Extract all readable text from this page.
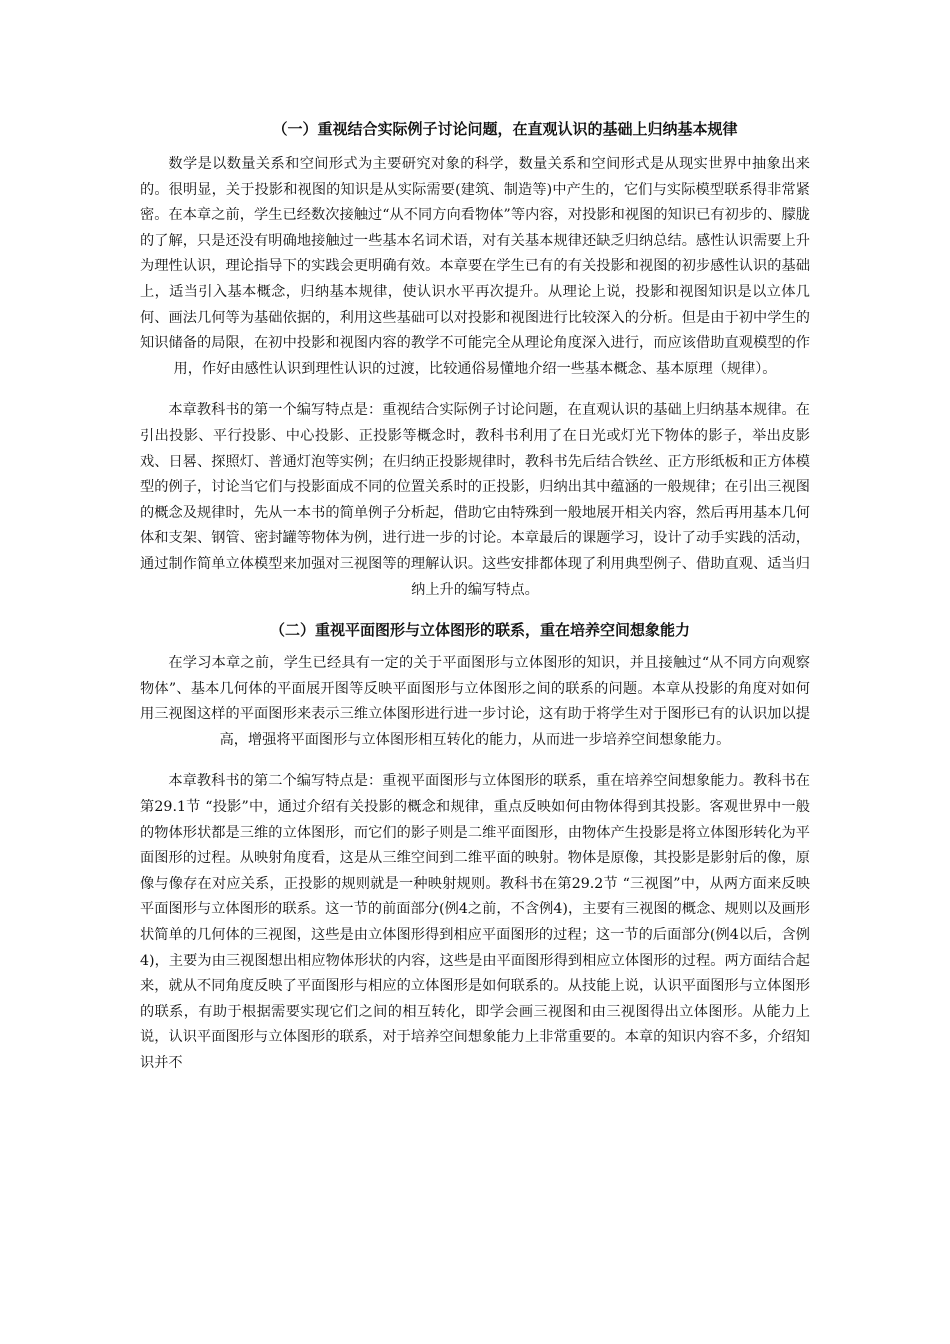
（一）重视结合实际例子讨论问题，在直观认识的基础上归纳基本规律

数学是以数量关系和空间形式为主要研究对象的科学，数量关系和空间形式是从现实世界中抽象出来的。很明显，关于投影和视图的知识是从实际需要(建筑、制造等)中产生的，它们与实际模型联系得非常紧密。在本章之前，学生已经数次接触过“从不同方向看物体”等内容，对投影和视图的知识已有初步的、朦胧的了解，只是还没有明确地接触过一些基本名词术语，对有关基本规律还缺乏归纳总结。感性认识需要上升为理性认识，理论指导下的实践会更明确有效。本章要在学生已有的有关投影和视图的初步感性认识的基础上，适当引入基本概念，归纳基本规律，使认识水平再次提升。从理论上说，投影和视图知识是以立体几何、画法几何等为基础依据的，利用这些基础可以对投影和视图进行比较深入的分析。但是由于初中学生的知识储备的局限，在初中投影和视图内容的教学不可能完全从理论角度深入进行，而应该借助直观模型的作用，作好由感性认识到理性认识的过渡，比较通俗易懂地介绍一些基本概念、基本原理（规律）。

本章教科书的第一个编写特点是：重视结合实际例子讨论问题，在直观认识的基础上归纳基本规律。在引出投影、平行投影、中心投影、正投影等概念时，教科书利用了在日光或灯光下物体的影子，举出皮影戏、日晷、探照灯、普通灯泡等实例；在归纳正投影规律时，教科书先后结合铁丝、正方形纸板和正方体模型的例子，讨论当它们与投影面成不同的位置关系时的正投影，归纳出其中蕴涵的一般规律；在引出三视图的概念及规律时，先从一本书的简单例子分析起，借助它由特殊到一般地展开相关内容，然后再用基本几何体和支架、钢管、密封罐等物体为例，进行进一步的讨论。本章最后的课题学习，设计了动手实践的活动，通过制作简单立体模型来加强对三视图等的理解认识。这些安排都体现了利用典型例子、借助直观、适当归纳上升的编写特点。

（二）重视平面图形与立体图形的联系，重在培养空间想象能力

在学习本章之前，学生已经具有一定的关于平面图形与立体图形的知识，并且接触过“从不同方向观察物体”、基本几何体的平面展开图等反映平面图形与立体图形之间的联系的问题。本章从投影的角度对如何用三视图这样的平面图形来表示三维立体图形进行进一步讨论，这有助于将学生对于图形已有的认识加以提高，增强将平面图形与立体图形相互转化的能力，从而进一步培养空间想象能力。

本章教科书的第二个编写特点是：重视平面图形与立体图形的联系，重在培养空间想象能力。教科书在第29.1节 “投影”中，通过介绍有关投影的概念和规律，重点反映如何由物体得到其投影。客观世界中一般的物体形状都是三维的立体图形，而它们的影子则是二维平面图形，由物体产生投影是将立体图形转化为平面图形的过程。从映射角度看，这是从三维空间到二维平面的映射。物体是原像，其投影是影射后的像，原像与像存在对应关系，正投影的规则就是一种映射规则。教科书在第29.2节 “三视图”中，从两方面来反映平面图形与立体图形的联系。这一节的前面部分(例4之前，不含例4)，主要有三视图的概念、规则以及画形状简单的几何体的三视图，这些是由立体图形得到相应平面图形的过程；这一节的后面部分(例4以后，含例4)，主要为由三视图想出相应物体形状的内容，这些是由平面图形得到相应立体图形的过程。两方面结合起来，就从不同角度反映了平面图形与相应的立体图形是如何联系的。从技能上说，认识平面图形与立体图形的联系，有助于根据需要实现它们之间的相互转化，即学会画三视图和由三视图得出立体图形。从能力上说，认识平面图形与立体图形的联系，对于培养空间想象能力上非常重要的。本章的知识内容不多，介绍知识并不
